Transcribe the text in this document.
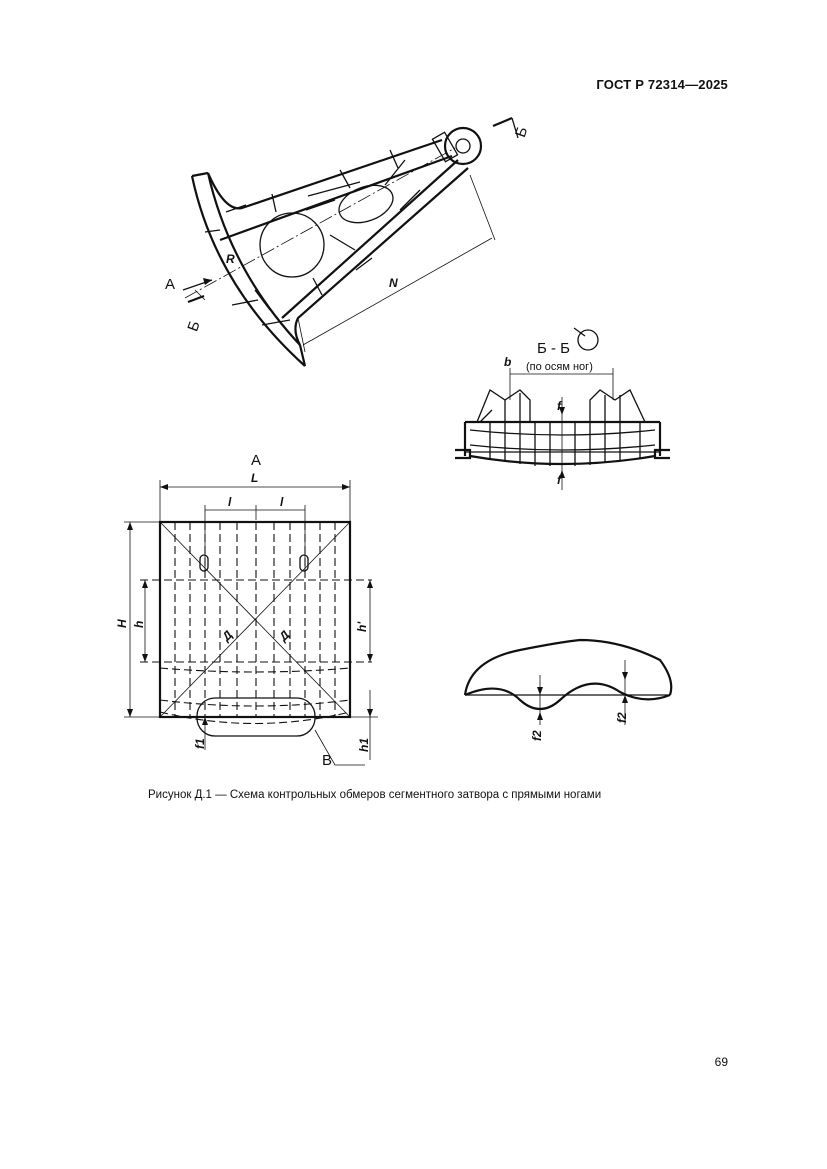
ГОСТ Р 72314—2025
А
Б
Б
R
N
Б - Б
(по осям ног)
b
f
f
А
L
l	l
Д	Д
H h	h'
В
f1	h1
f2
f2
Рисунок Д.1 — Схема контрольных обмеров сегментного затвора с прямыми ногами
69
